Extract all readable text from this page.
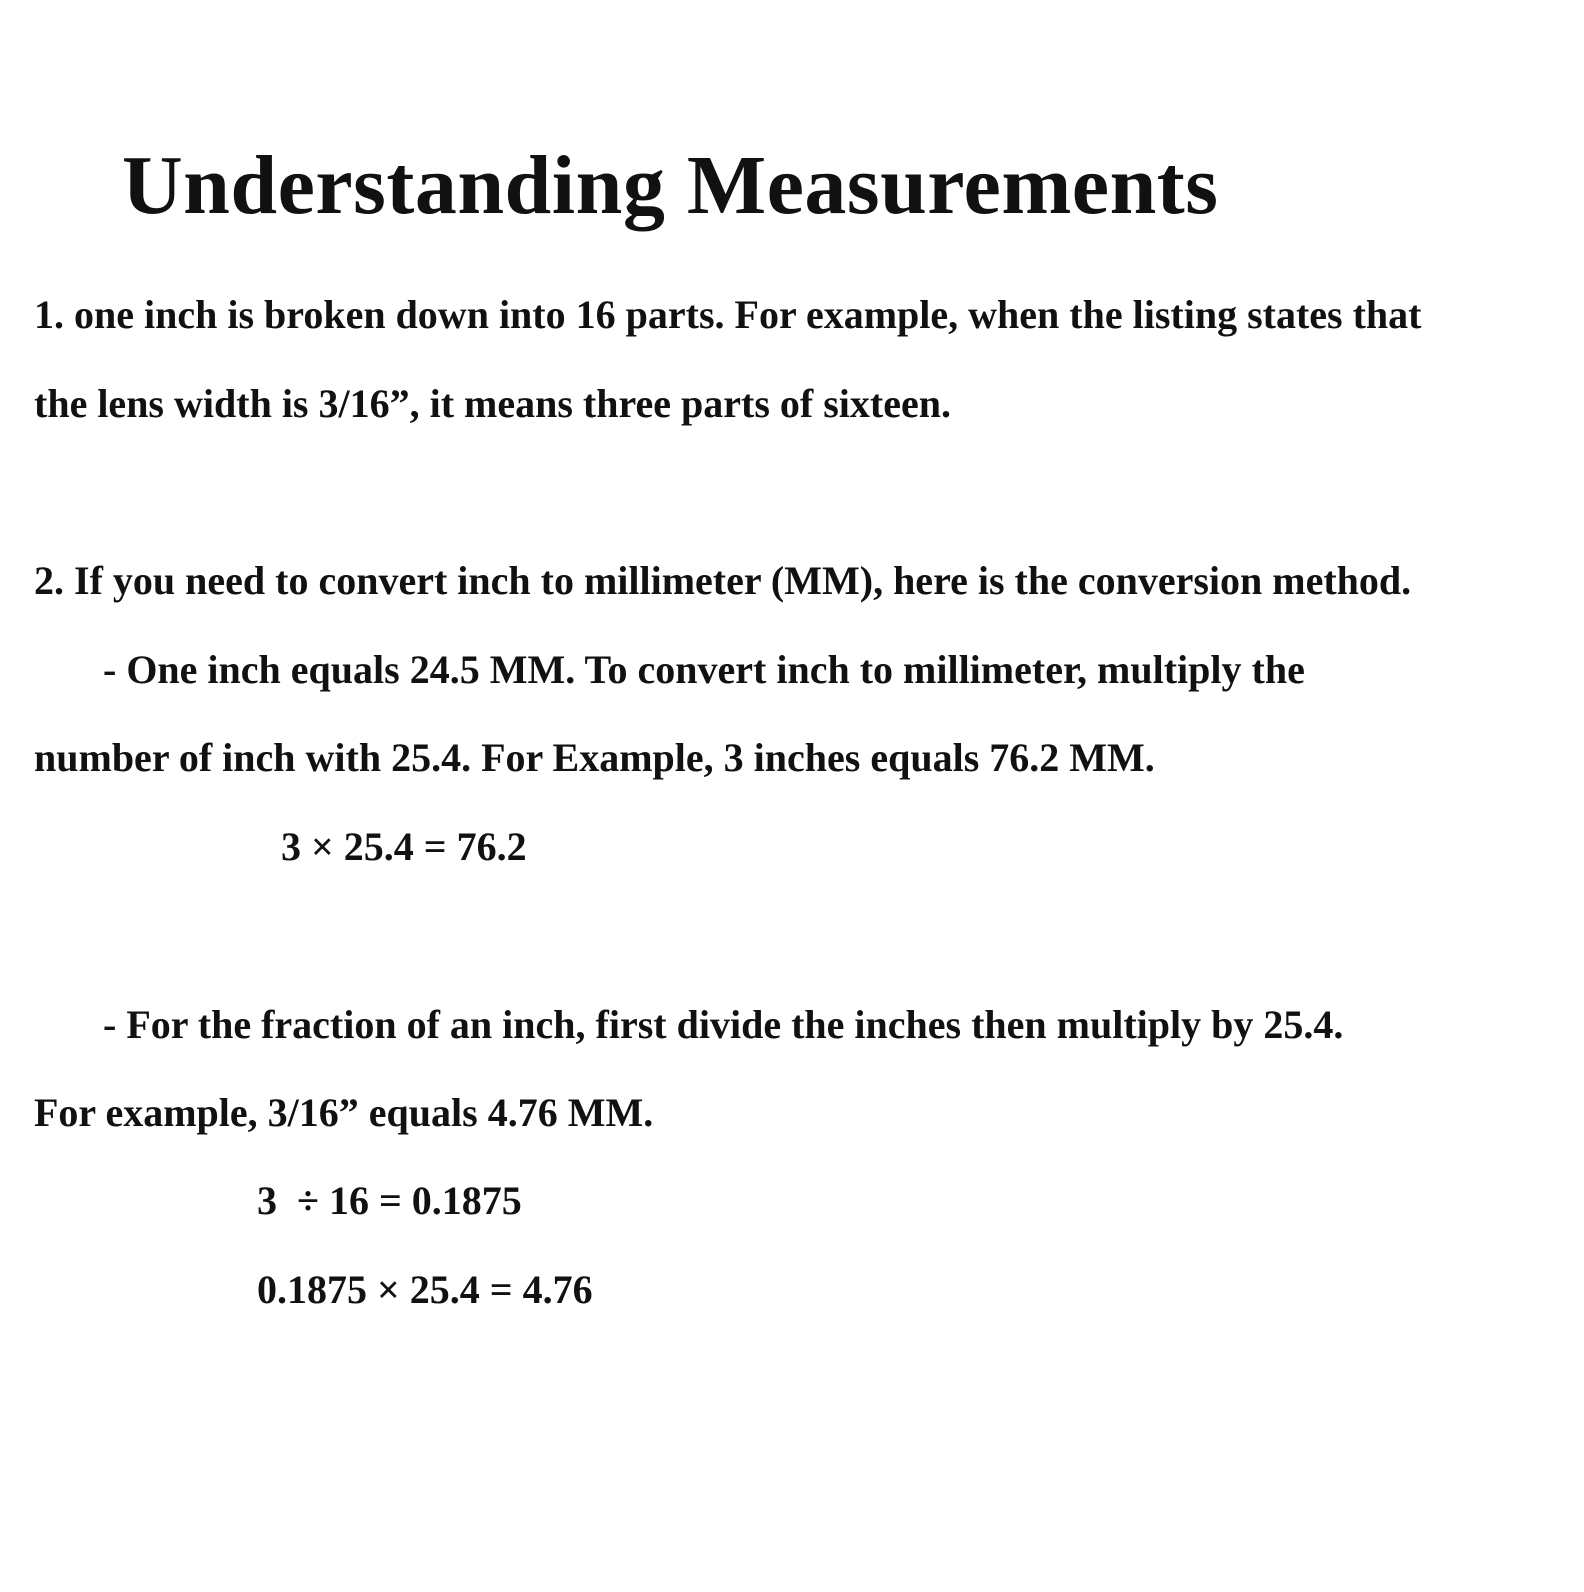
Understanding Measurements
1. one inch is broken down into 16 parts. For example, when the listing states that
the lens width is 3/16”, it means three parts of sixteen.
2. If you need to convert inch to millimeter (MM), here is the conversion method.
- One inch equals 24.5 MM. To convert inch to millimeter, multiply the
number of inch with 25.4. For Example, 3 inches equals 76.2 MM.
3 × 25.4 = 76.2
- For the fraction of an inch, first divide the inches then multiply by 25.4.
For example, 3/16” equals 4.76 MM.
3  ÷ 16 = 0.1875
0.1875 × 25.4 = 4.76
